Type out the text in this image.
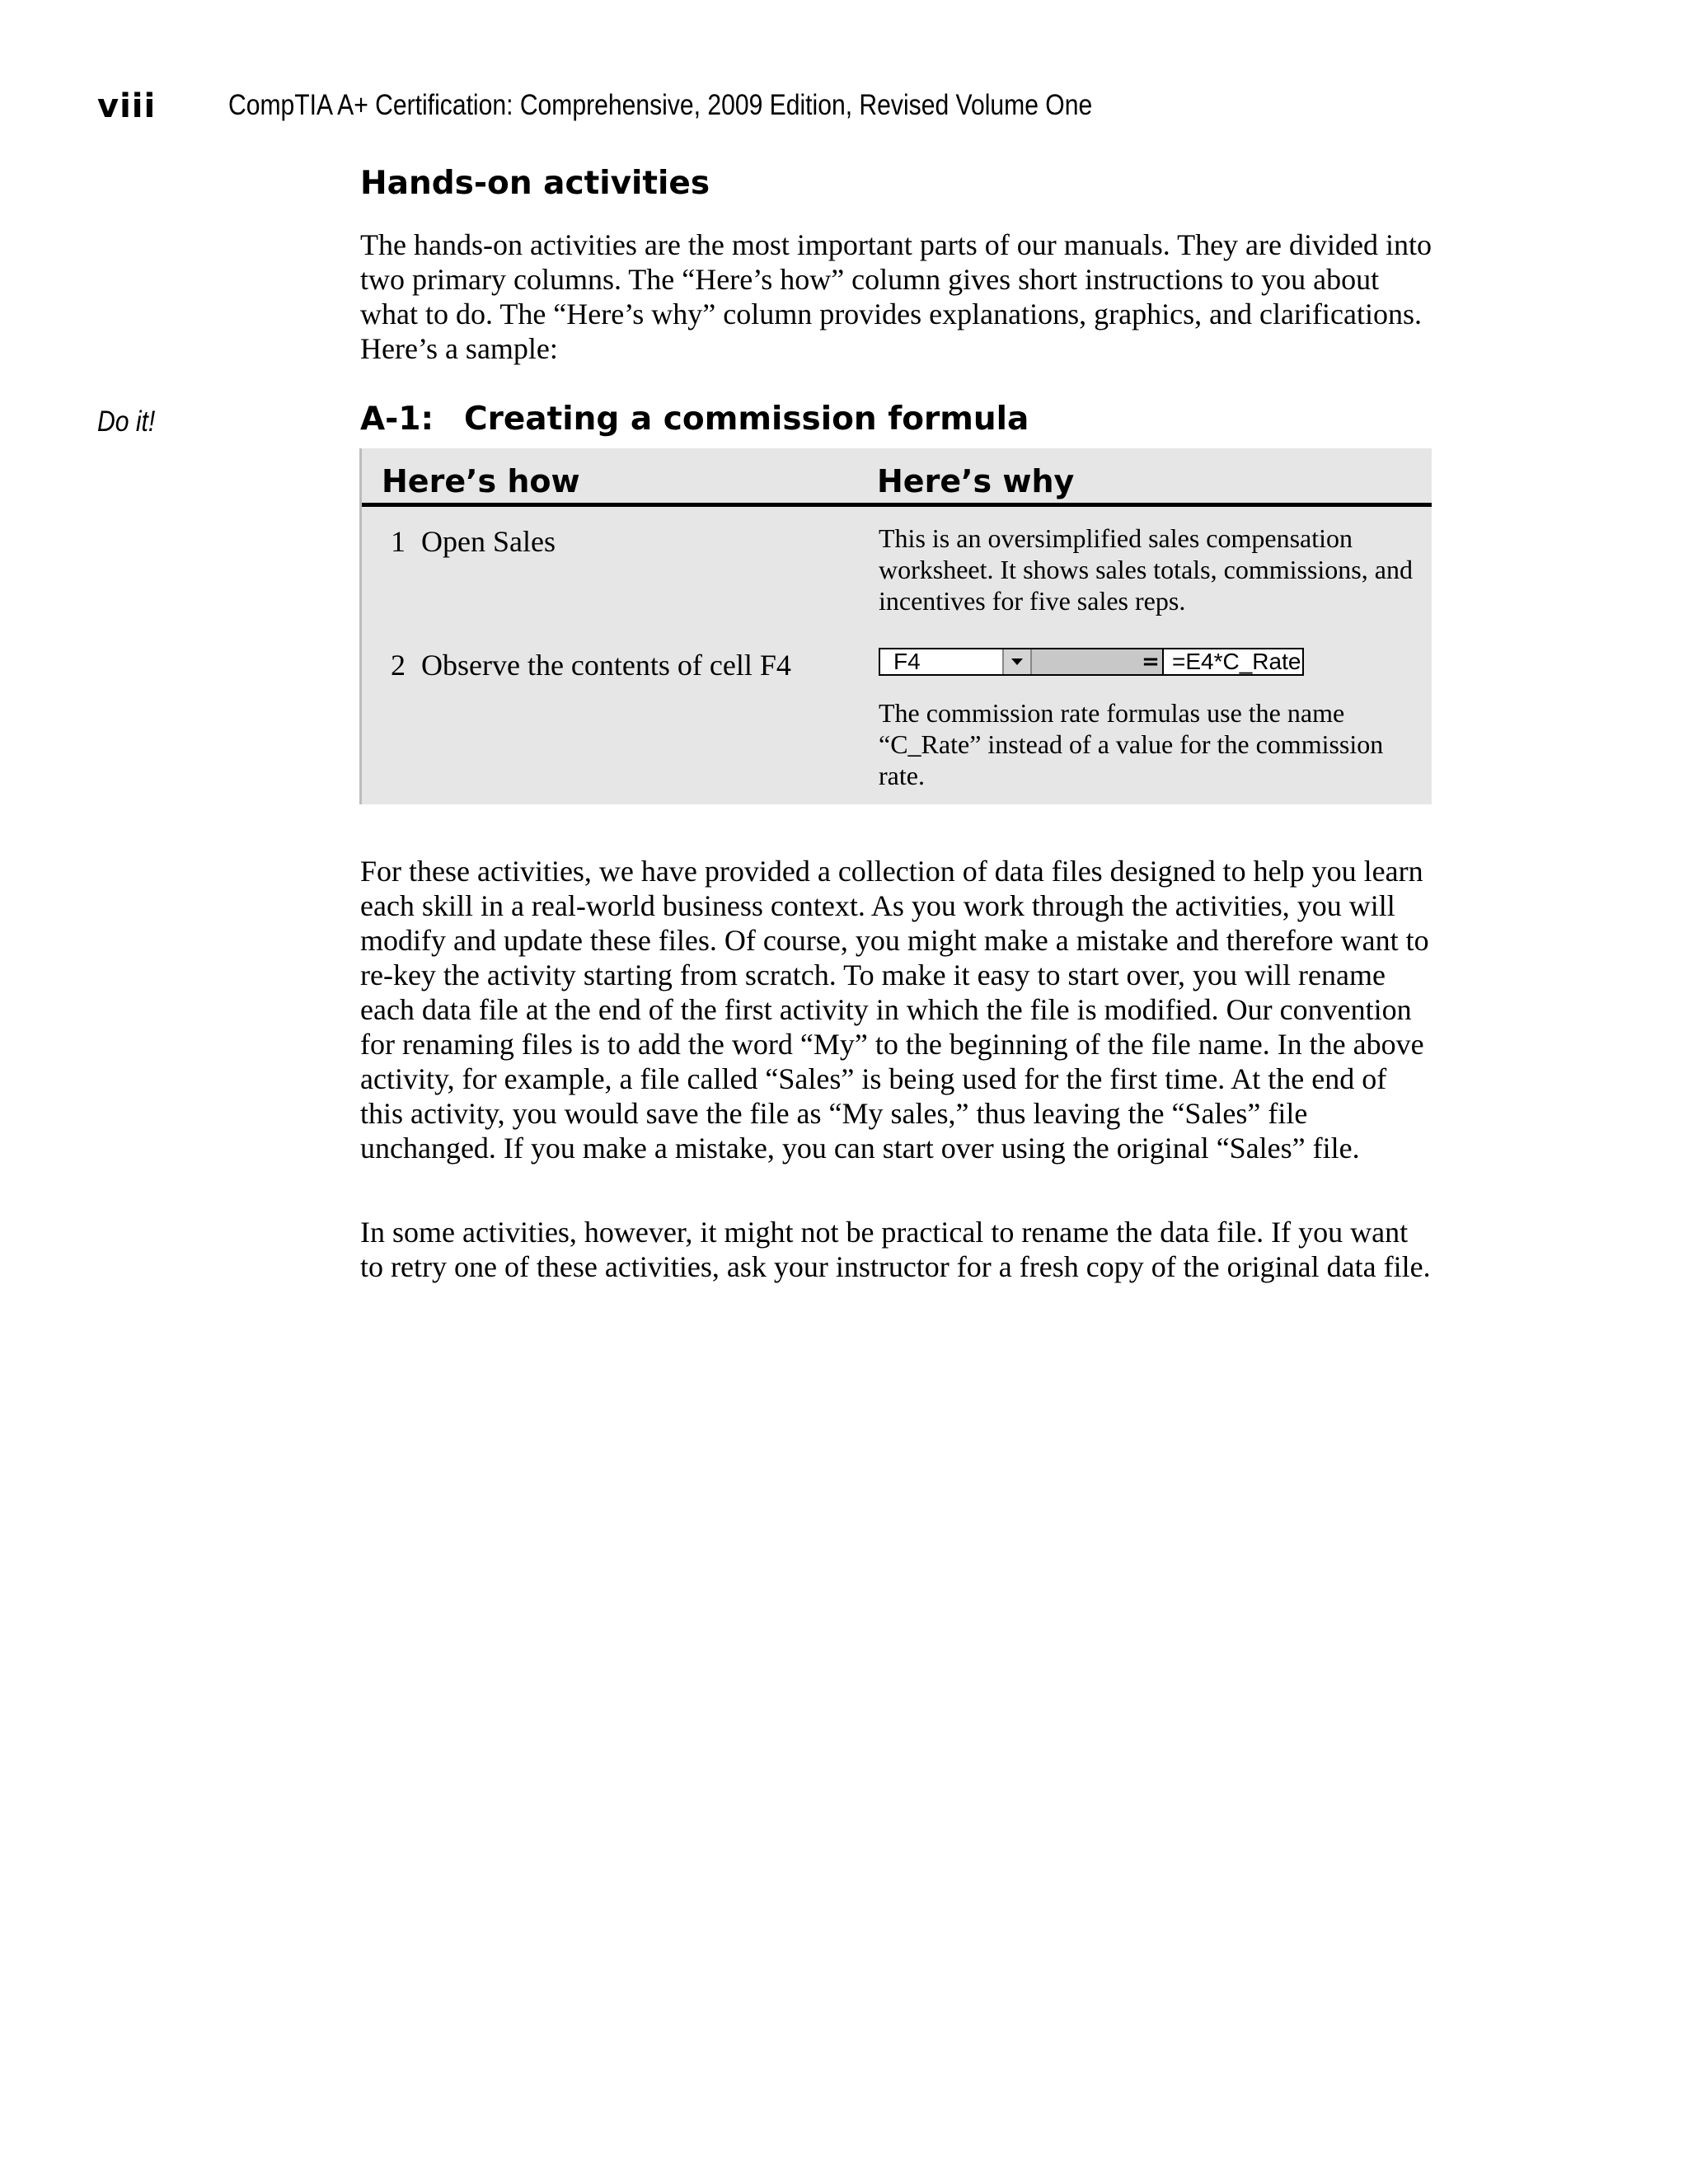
viii	CompTIA A+ Certification: Comprehensive, 2009 Edition, Revised Volume One
Hands-on activities

The hands-on activities are the most important parts of our manuals. They are divided into two primary columns. The “Here’s how” column gives short instructions to you about what to do. The “Here’s why” column provides explanations, graphics, and clarifications. Here’s a sample:

Do it!	A-1: Creating a commission formula
Here’s how	Here’s why
1 Open Sales	This is an oversimplified sales compensation worksheet. It shows sales totals, commissions, and incentives for five sales reps.
2 Observe the contents of cell F4	F4	= =E4*C_Rate
The commission rate formulas use the name “C_Rate” instead of a value for the commission rate.

For these activities, we have provided a collection of data files designed to help you learn each skill in a real-world business context. As you work through the activities, you will modify and update these files. Of course, you might make a mistake and therefore want to re-key the activity starting from scratch. To make it easy to start over, you will rename each data file at the end of the first activity in which the file is modified. Our convention for renaming files is to add the word “My” to the beginning of the file name. In the above activity, for example, a file called “Sales” is being used for the first time. At the end of this activity, you would save the file as “My sales,” thus leaving the “Sales” file unchanged. If you make a mistake, you can start over using the original “Sales” file.

In some activities, however, it might not be practical to rename the data file. If you want to retry one of these activities, ask your instructor for a fresh copy of the original data file.
